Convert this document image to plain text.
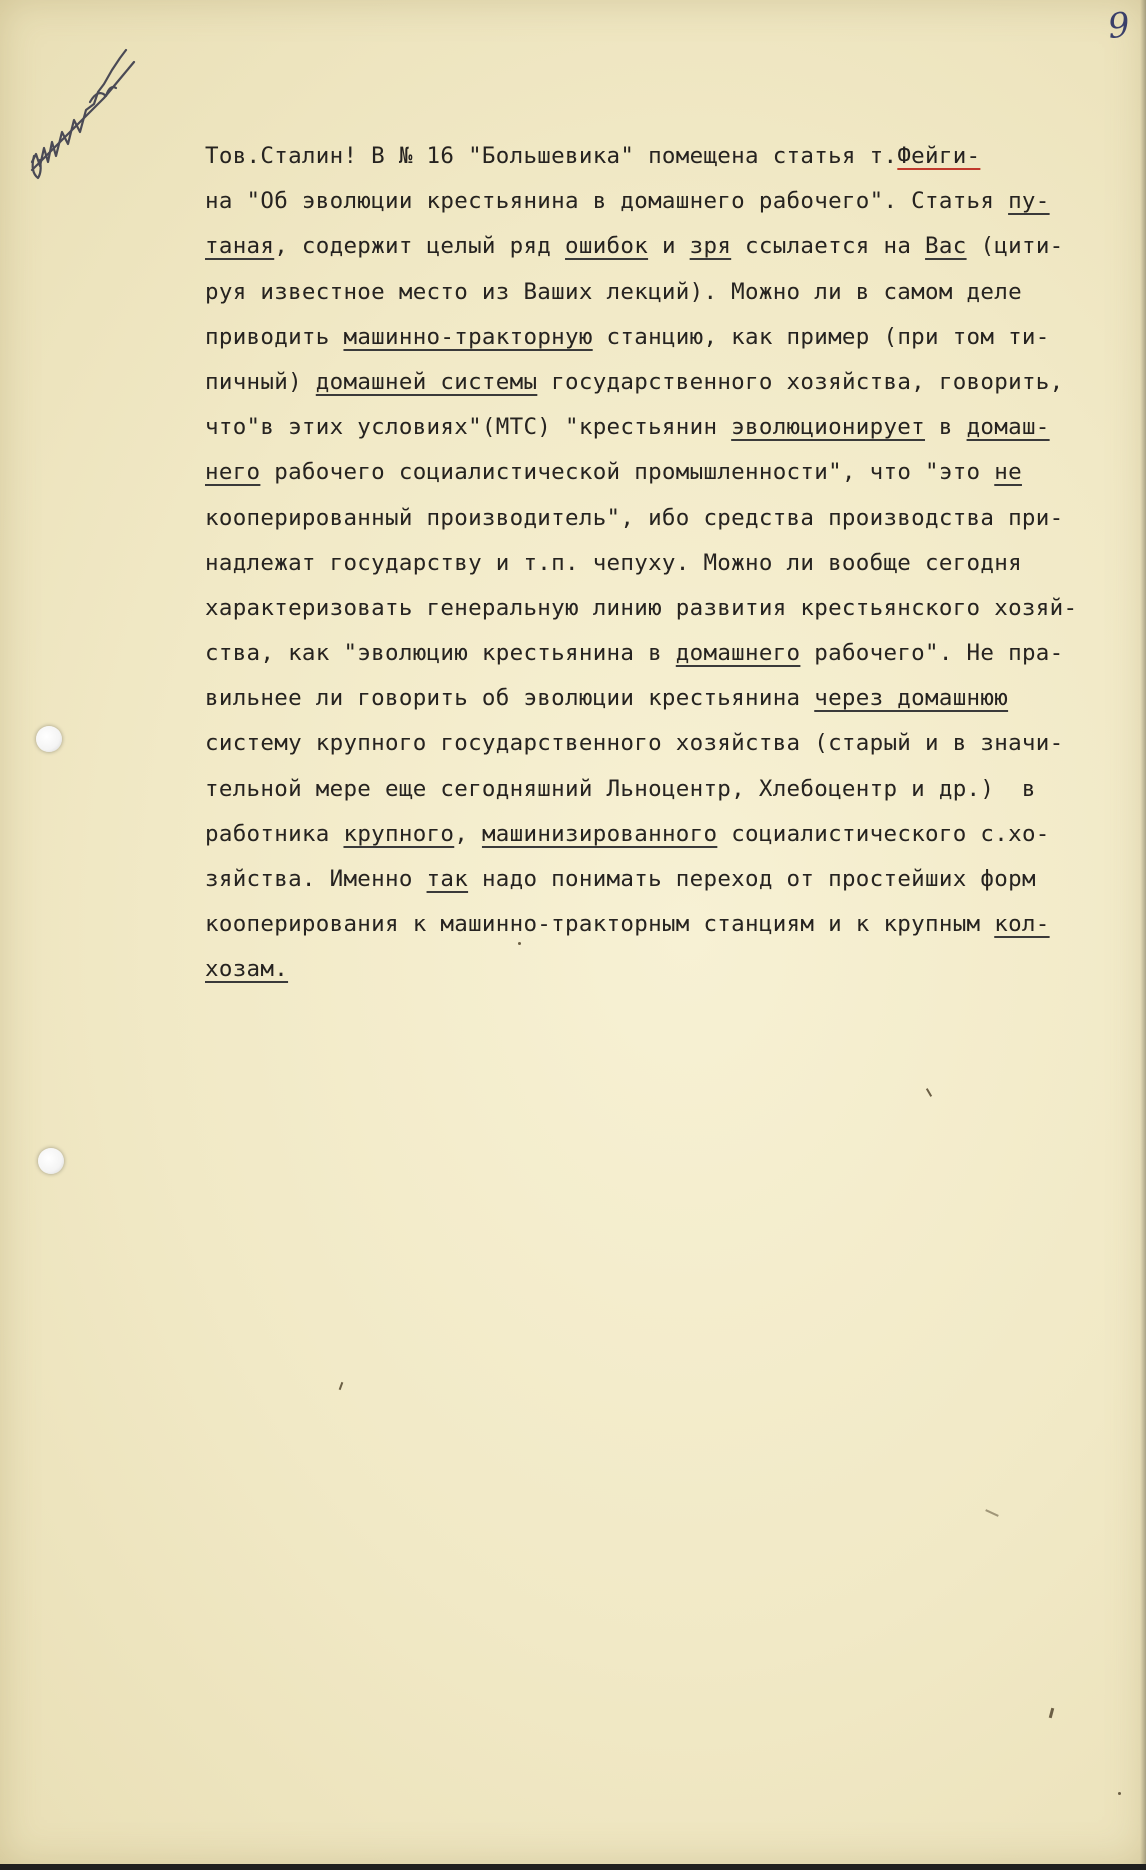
9
Тов.Сталин! В № 16 "Большевика" помещена статья т.Фейги-
на "Об эволюции крестьянина в домашнего рабочего". Статья пу-
таная, содержит целый ряд ошибок и зря ссылается на Вас (цити-
руя известное место из Ваших лекций). Можно ли в самом деле
приводить машинно-тракторную станцию, как пример (при том ти-
пичный) домашней системы государственного хозяйства, говорить,
что"в этих условиях"(МТС) "крестьянин эволюционирует в домаш-
него рабочего социалистической промышленности", что "это не
кооперированный производитель", ибо средства производства при-
надлежат государству и т.п. чепуху. Можно ли вообще сегодня
характеризовать генеральную линию развития крестьянского хозяй-
ства, как "эволюцию крестьянина в домашнего рабочего". Не пра-
вильнее ли говорить об эволюции крестьянина через домашнюю
систему крупного государственного хозяйства (старый и в значи-
тельной мере еще сегодняшний Льноцентр, Хлебоцентр и др.)  в
работника крупного, машинизированного социалистического с.хо-
зяйства. Именно так надо понимать переход от простейших форм
кооперирования к машинно-тракторным станциям и к крупным кол-
хозам.
